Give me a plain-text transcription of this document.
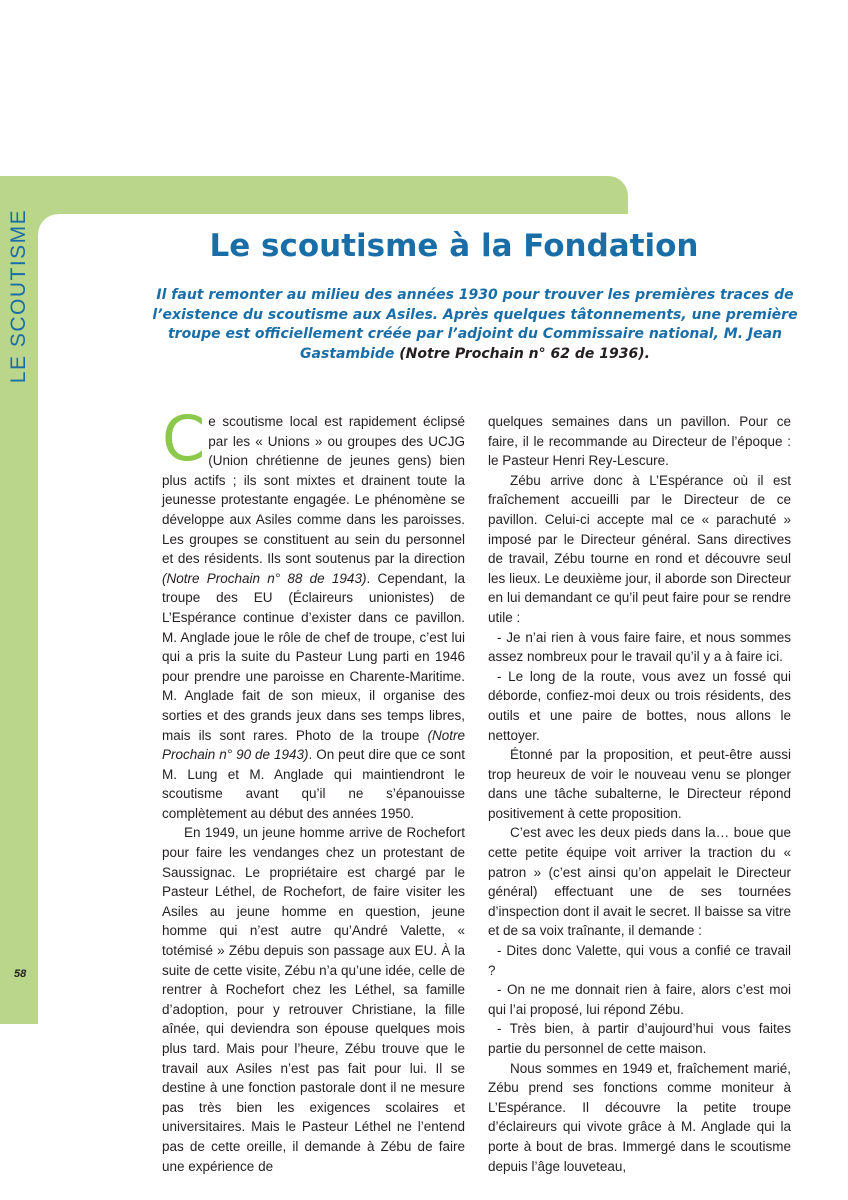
LE SCOUTISME
58
Le scoutisme à la Fondation

Il faut remonter au milieu des années 1930 pour trouver les premières traces de l’existence du scoutisme aux Asiles. Après quelques tâtonnements, une première troupe est officiellement créée par l’adjoint du Commissaire national, M. Jean Gastambide (Notre Prochain n° 62 de 1936).

Ce scoutisme local est rapidement éclipsé par les « Unions » ou groupes des UCJG (Union chrétienne de jeunes gens) bien plus actifs ; ils sont mixtes et drainent toute la jeunesse protestante engagée. Le phénomène se développe aux Asiles comme dans les paroisses. Les groupes se constituent au sein du personnel et des résidents. Ils sont soutenus par la direction (Notre Prochain n° 88 de 1943). Cependant, la troupe des EU (Éclaireurs unionistes) de L’Espérance continue d’exister dans ce pavillon. M. Anglade joue le rôle de chef de troupe, c’est lui qui a pris la suite du Pasteur Lung parti en 1946 pour prendre une paroisse en Charente-Maritime. M. Anglade fait de son mieux, il organise des sorties et des grands jeux dans ses temps libres, mais ils sont rares. Photo de la troupe (Notre Prochain n° 90 de 1943). On peut dire que ce sont M. Lung et M. Anglade qui maintiendront le scoutisme avant qu’il ne s’épanouisse complètement au début des années 1950.

En 1949, un jeune homme arrive de Rochefort pour faire les vendanges chez un protestant de Saussignac. Le propriétaire est chargé par le Pasteur Léthel, de Rochefort, de faire visiter les Asiles au jeune homme en question, jeune homme qui n’est autre qu’André Valette, « totémisé » Zébu depuis son passage aux EU. À la suite de cette visite, Zébu n’a qu’une idée, celle de rentrer à Rochefort chez les Léthel, sa famille d’adoption, pour y retrouver Christiane, la fille aînée, qui deviendra son épouse quelques mois plus tard. Mais pour l’heure, Zébu trouve que le travail aux Asiles n’est pas fait pour lui. Il se destine à une fonction pastorale dont il ne mesure pas très bien les exigences scolaires et universitaires. Mais le Pasteur Léthel ne l’entend pas de cette oreille, il demande à Zébu de faire une expérience de

quelques semaines dans un pavillon. Pour ce faire, il le recommande au Directeur de l’époque : le Pasteur Henri Rey-Lescure.

Zébu arrive donc à L’Espérance où il est fraîchement accueilli par le Directeur de ce pavillon. Celui-ci accepte mal ce « parachuté » imposé par le Directeur général. Sans directives de travail, Zébu tourne en rond et découvre seul les lieux. Le deuxième jour, il aborde son Directeur en lui demandant ce qu’il peut faire pour se rendre utile :

- Je n’ai rien à vous faire faire, et nous sommes assez nombreux pour le travail qu’il y a à faire ici.

- Le long de la route, vous avez un fossé qui déborde, confiez-moi deux ou trois résidents, des outils et une paire de bottes, nous allons le nettoyer.

Étonné par la proposition, et peut-être aussi trop heureux de voir le nouveau venu se plonger dans une tâche subalterne, le Directeur répond positivement à cette proposition.

C’est avec les deux pieds dans la… boue que cette petite équipe voit arriver la traction du « patron » (c’est ainsi qu’on appelait le Directeur général) effectuant une de ses tournées d’inspection dont il avait le secret. Il baisse sa vitre et de sa voix traînante, il demande :

- Dites donc Valette, qui vous a confié ce travail ?

- On ne me donnait rien à faire, alors c’est moi qui l’ai proposé, lui répond Zébu.

- Très bien, à partir d’aujourd’hui vous faites partie du personnel de cette maison.

Nous sommes en 1949 et, fraîchement marié, Zébu prend ses fonctions comme moniteur à L’Espérance. Il découvre la petite troupe d’éclaireurs qui vivote grâce à M. Anglade qui la porte à bout de bras. Immergé dans le scoutisme depuis l’âge louveteau,
